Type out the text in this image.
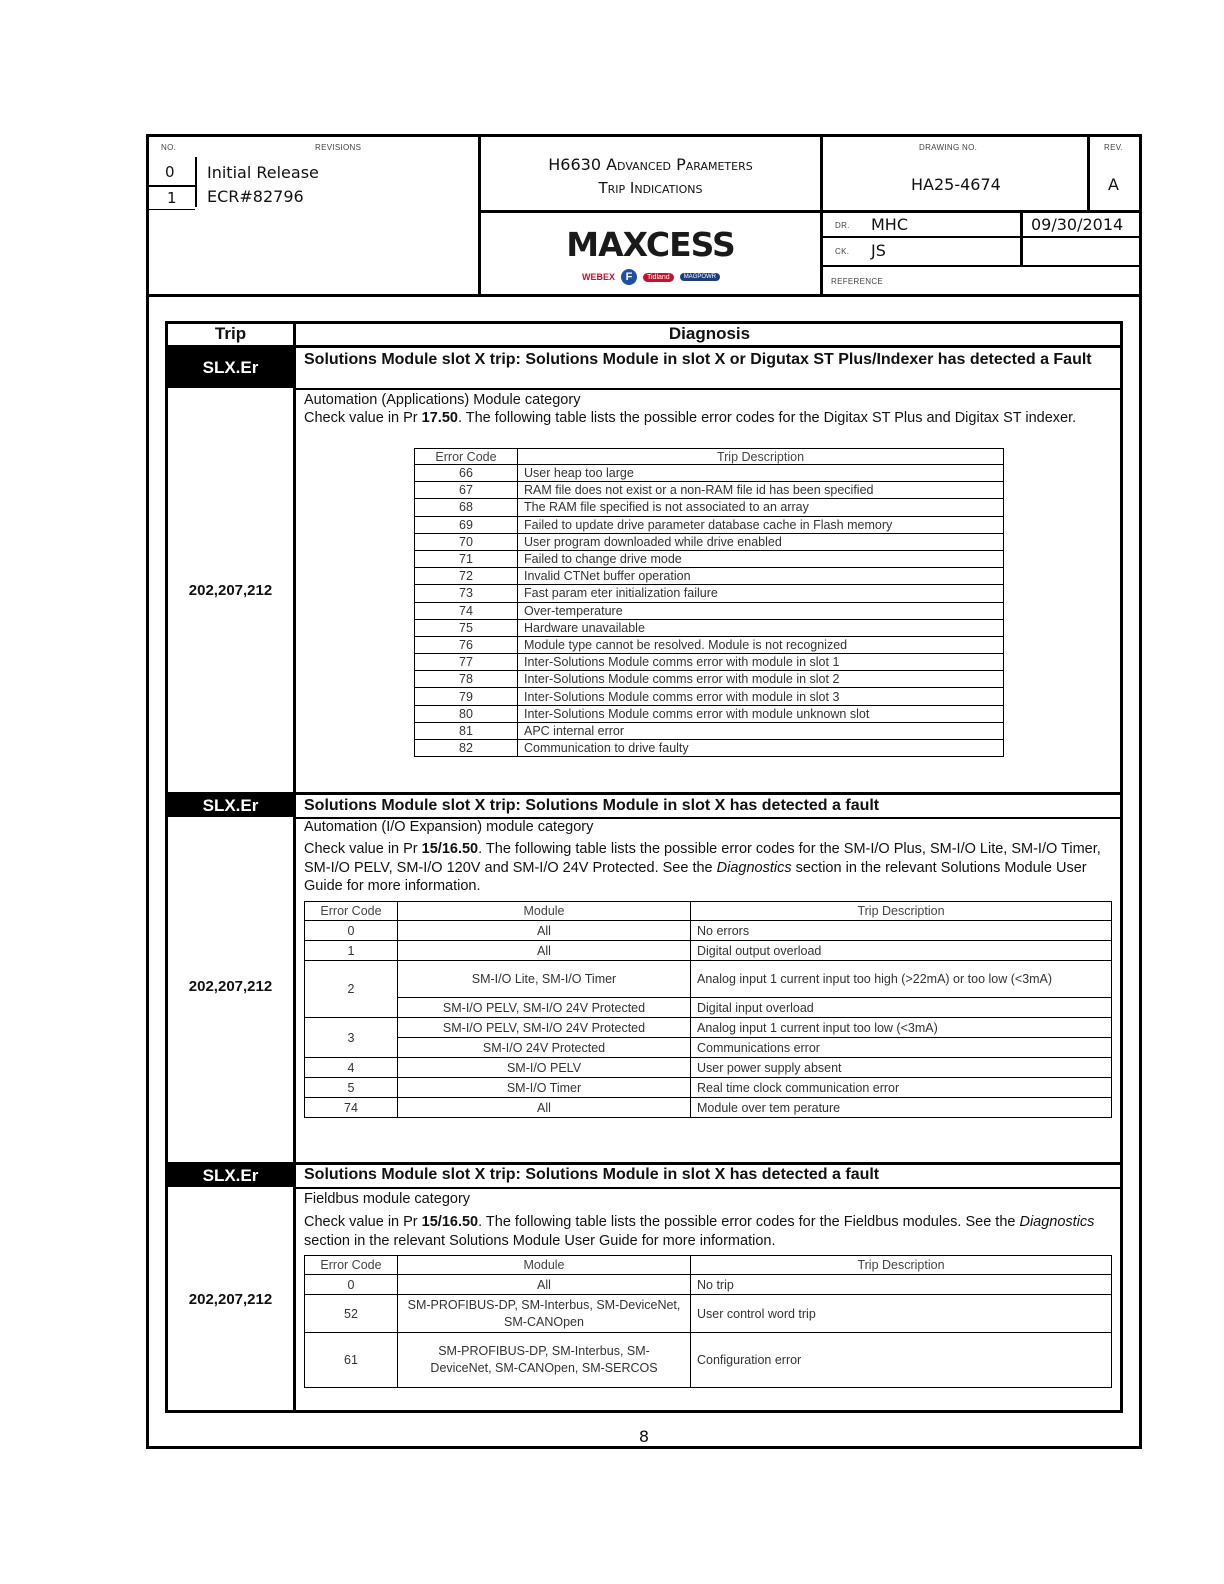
NO.	REVISIONS
0 Initial Release
1 ECR#82796
H6630 Advanced Parameters
Trip Indications
MAXCESS
WEBEX F	Tidland	MAGPOWR
DRAWING NO.
HA25-4674
REV.
A
DR. MHC	09/30/2014
CK. JS
REFERENCE
Trip	Diagnosis
SLX.Er	Solutions Module slot X trip: Solutions Module in slot X or Digutax ST Plus/Indexer has detected a Fault
202,207,212
Automation (Applications) Module category
Check value in Pr 17.50. The following table lists the possible error codes for the Digitax ST Plus and Digitax ST indexer.
Error Code	Trip Description
66	User heap too large
67	RAM file does not exist or a non-RAM file id has been specified
68	The RAM file specified is not associated to an array
69	Failed to update drive parameter database cache in Flash memory
70	User program downloaded while drive enabled
71	Failed to change drive mode
72	Invalid CTNet buffer operation
73	Fast param eter initialization failure
74	Over-temperature
75	Hardware unavailable
76	Module type cannot be resolved. Module is not recognized
77	Inter-Solutions Module comms error with module in slot 1
78	Inter-Solutions Module comms error with module in slot 2
79	Inter-Solutions Module comms error with module in slot 3
80	Inter-Solutions Module comms error with module unknown slot
81	APC internal error
82	Communication to drive faulty
SLX.Er	Solutions Module slot X trip: Solutions Module in slot X has detected a fault
202,207,212
Automation (I/O Expansion) module category
Check value in Pr 15/16.50. The following table lists the possible error codes for the SM-I/O Plus, SM-I/O Lite, SM-I/O Timer, SM-I/O PELV, SM-I/O 120V and SM-I/O 24V Protected. See the Diagnostics section in the relevant Solutions Module User Guide for more information.
Error Code	Module	Trip Description
0	All	No errors
1	All	Digital output overload
2	SM-I/O Lite, SM-I/O Timer	Analog input 1 current input too high (>22mA) or too low (<3mA)
	SM-I/O PELV, SM-I/O 24V Protected	Digital input overload
3	SM-I/O PELV, SM-I/O 24V Protected	Analog input 1 current input too low (<3mA)
	SM-I/O 24V Protected	Communications error
4	SM-I/O PELV	User power supply absent
5	SM-I/O Timer	Real time clock communication error
74	All	Module over tem perature
SLX.Er	Solutions Module slot X trip: Solutions Module in slot X has detected a fault
202,207,212
Fieldbus module category
Check value in Pr 15/16.50. The following table lists the possible error codes for the Fieldbus modules. See the Diagnostics section in the relevant Solutions Module User Guide for more information.
Error Code	Module	Trip Description
0	All	No trip
52	SM-PROFIBUS-DP, SM-Interbus, SM-DeviceNet, SM-CANOpen	User control word trip
61	SM-PROFIBUS-DP, SM-Interbus, SM-DeviceNet, SM-CANOpen, SM-SERCOS	Configuration error
8
